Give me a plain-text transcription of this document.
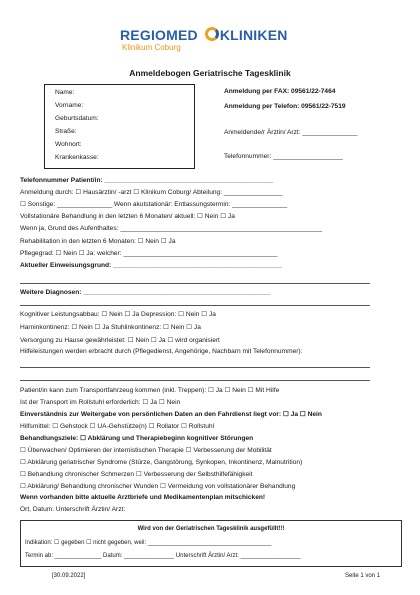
REGIOMED KLINIKEN
Klinikum Coburg
Anmeldebogen Geriatrische Tagesklinik
Name:
Vorname:
Geburtsdatum:
Straße:
Wohnort:
Krankenkasse:
Anmeldung per FAX: 09561/22-7464
Anmeldung per Telefon: 09561/22-7519
Anmeldende/r Ärztin/ Arzt: _______________
Telefonnummer: ___________________
Telefonnummer Patient/in: ______________________________________________
Anmeldung durch: ☐ Hausärztin/ -arzt ☐ Klinikum Coburg/ Abteilung: ________________
☐ Sonstige: _______________ Wenn akutstationär: Entlassungstermin: _______________
Vollstationäre Behandlung in den letzten 6 Monaten/ aktuell: ☐ Nein ☐ Ja
Wenn ja, Grund des Aufenthaltes: _______________________________________________________
Rehabilitation in den letzten 6 Monaten: ☐ Nein ☐ Ja
Pflegegrad: ☐ Nein ☐ Ja: welcher: __________________________________________
Aktueller Einweisungsgrund: ______________________________________________
Weitere Diagnosen: ___________________________________________________
Kognitiver Leistungsabbau: ☐ Nein ☐ Ja Depression: ☐ Nein ☐ Ja
Harninkontinenz: ☐ Nein ☐ Ja Stuhlinkontinenz: ☐ Nein ☐ Ja
Versorgung zu Hause gewährleistet: ☐ Nein ☐ Ja ☐ wird organisiert
Hilfeleistungen werden erbracht durch (Pflegedienst, Angehörige, Nachbarn mit Telefonnummer):
Patient/in kann zum Transportfahrzeug kommen (inkl. Treppen): ☐ Ja ☐ Nein ☐ Mit Hilfe
Ist der Transport im Rollstuhl erforderlich: ☐ Ja ☐ Nein
Einverständnis zur Weitergabe von persönlichen Daten an den Fahrdienst liegt vor: ☐ Ja ☐ Nein
Hilfsmittel: ☐ Gehstock ☐ UA-Gehstütze(n) ☐ Rollator ☐ Rollstuhl
Behandlungsziele: ☐ Abklärung und Therapiebeginn kognitiver Störungen
☐ Überwachen/ Optimieren der internistischen Therapie ☐ Verbesserung der Mobilität
☐ Abklärung geriatrischer Syndrome (Stürze, Gangstörung, Synkopen, Inkontinenz, Malnutrition)
☐ Behandlung chronischer Schmerzen ☐ Verbesserung der Selbsthilfefähigkeit
☐ Abklärung/ Behandlung chronischer Wunden ☐ Vermeidung von vollstationärer Behandlung
Wenn vorhanden bitte aktuelle Arztbriefe und Medikamentenplan mitschicken!
Ort, Datum: Unterschrift Ärztin/ Arzt:
Wird von der Geriatrischen Tagesklinik ausgefüllt!!!
Indikation: ☐ gegeben ☐ nicht gegeben, weil: _____________________________________
Termin ab: ______________ Datum: _______________ Unterschrift Ärztin/ Arzt: __________________
[30.09.2022]	Seite 1 von 1
